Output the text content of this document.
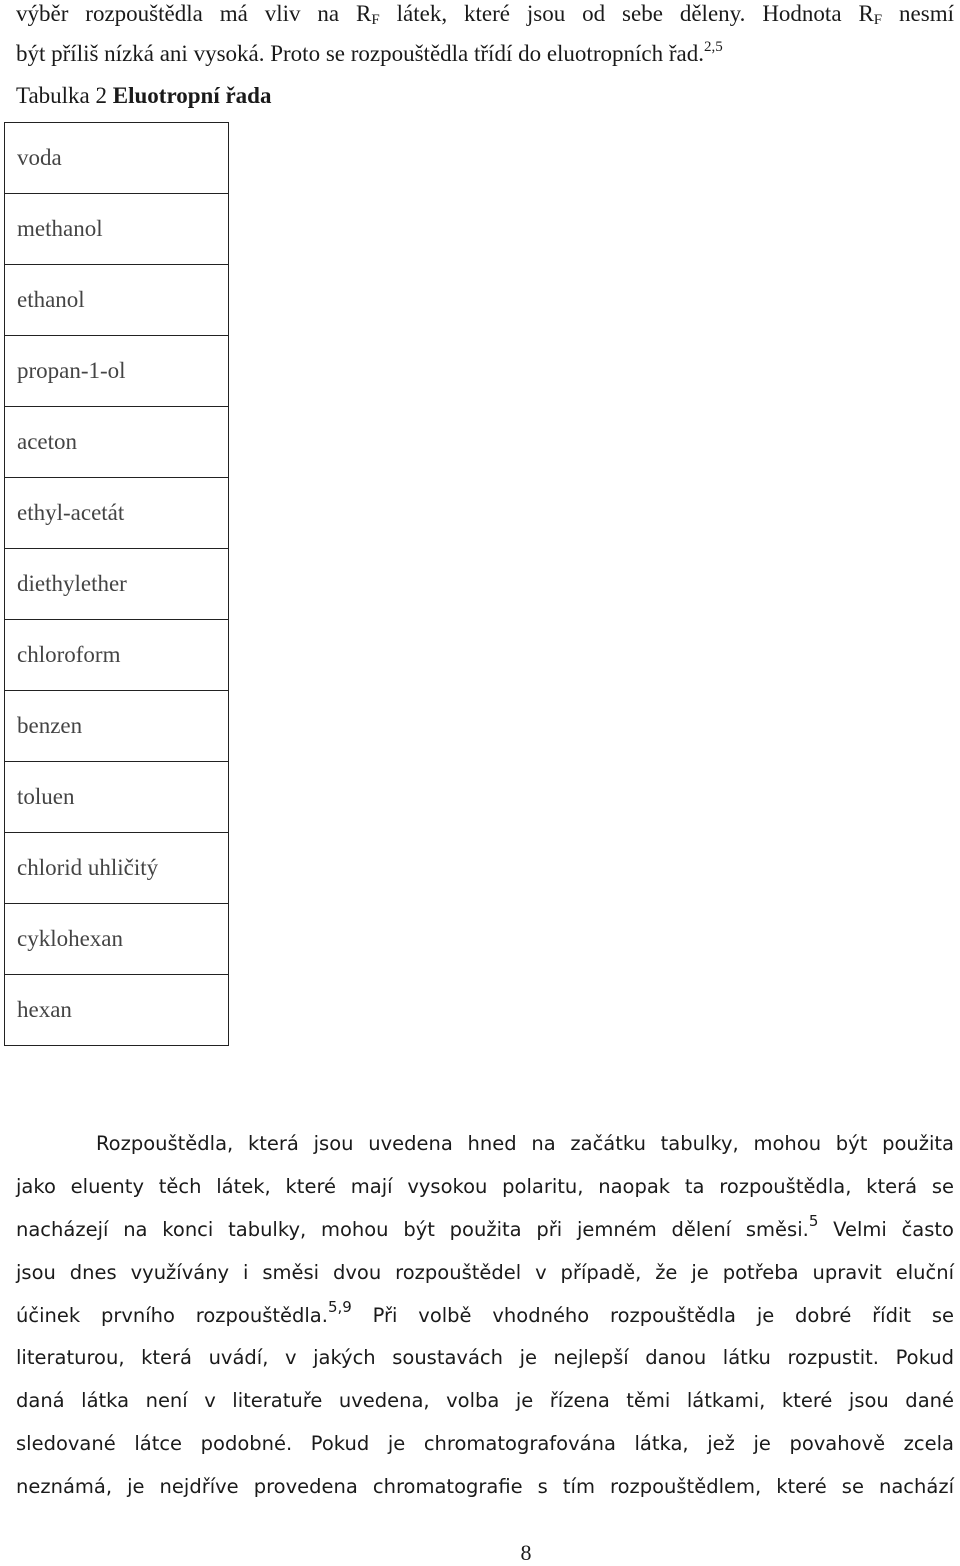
výběr rozpouštědla má vliv na $R_F$ látek, které jsou od sebe děleny. Hodnota $R_F$ nesmí
být příliš nízká ani vysoká. Proto se rozpouštědla třídí do eluotropních řad.$^{2,5}$
Tabulka 2 Eluotropní řada
voda
methanol
ethanol
propan-1-ol
aceton
ethyl-acetát
diethylether
chloroform
benzen
toluen
chlorid uhličitý
cyklohexan
hexan
Rozpouštědla, která jsou uvedena hned na začátku tabulky, mohou být použita
jako eluenty těch látek, které mají vysokou polaritu, naopak ta rozpouštědla, která se
nacházejí na konci tabulky, mohou být použita při jemném dělení směsi.$^5$ Velmi často
jsou dnes využívány i směsi dvou rozpouštědel v případě, že je potřeba upravit eluční
účinek prvního rozpouštědla.$^{5,9}$ Při volbě vhodného rozpouštědla je dobré řídit se
literaturou, která uvádí, v jakých soustavách je nejlepší danou látku rozpustit. Pokud
daná látka není v literatuře uvedena, volba je řízena těmi látkami, které jsou dané
sledované látce podobné. Pokud je chromatografována látka, jež je povahově zcela
neznámá, je nejdříve provedena chromatografie s tím rozpouštědlem, které se nachází
8
